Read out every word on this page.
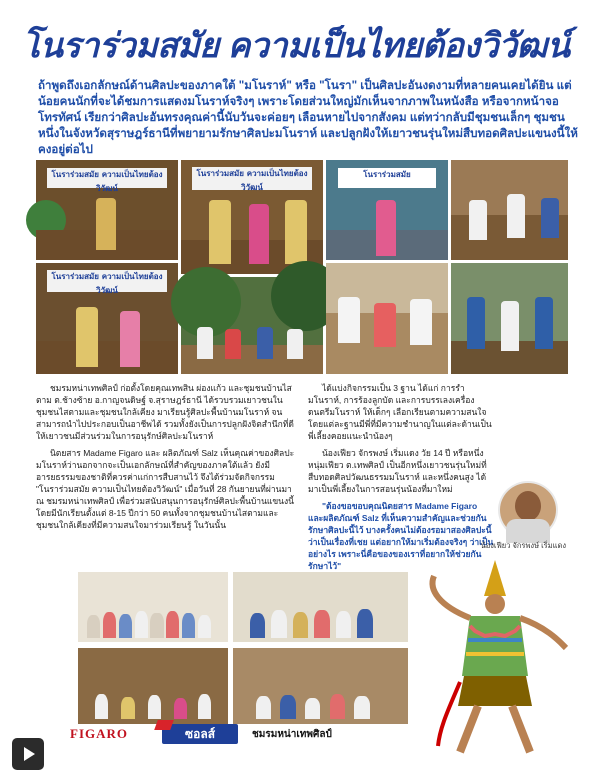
โนราร่วมสมัย ความเป็นไทยต้องวิวัฒน์

ถ้าพูดถึงเอกลักษณ์ด้านศิลปะของภาคใต้ "มโนราห์" หรือ "โนรา" เป็นศิลปะอันงดงามที่หลายคนเคยได้ยิน แต่น้อยคนนักที่จะได้ชมการแสดงมโนราห์จริงๆ เพราะโดยส่วนใหญ่มักเห็นจากภาพในหนังสือ หรือจากหน้าจอโทรทัศน์ เรียกว่าศิลปะอันทรงคุณค่านี้นับวันจะค่อยๆ เลือนหายไปจากสังคม แต่ทว่ากลับมีชุมชนเล็กๆ ชุมชนหนึ่งในจังหวัดสุราษฎร์ธานีที่พยายามรักษาศิลปะมโนราห์ และปลูกฝังให้เยาวชนรุ่นใหม่สืบทอดศิลปะแขนงนี้ให้คงอยู่ต่อไป

โนราร่วมสมัย ความเป็นไทยต้องวิวัฒน์
โนราร่วมสมัย ความเป็นไทยต้องวิวัฒน์
โนราร่วมสมัย
โนราร่วมสมัย ความเป็นไทยต้องวิวัฒน์

ชมรมหน่าเทพศิลป์ ก่อตั้งโดยคุณเทพสิน ผ่องแก้ว และชุมชนบ้านไสตาม ต.ช้างซ้าย อ.กาญจนดิษฐ์ จ.สุราษฎร์ธานี ได้รวบรวมเยาวชนในชุมชนไสตามและชุมชนใกล้เคียง มาเรียนรู้ศิลปะพื้นบ้านมโนราห์ จนสามารถนำไปประกอบเป็นอาชีพได้ รวมทั้งยังเป็นการปลูกฝังจิตสำนึกที่ดีให้เยาวชนมีส่วนร่วมในการอนุรักษ์ศิลปะมโนราห์

นิตยสาร Madame Figaro และ ผลิตภัณฑ์ Salz เห็นคุณค่าของศิลปะมโนราห์ว่านอกจากจะเป็นเอกลักษณ์ที่สำคัญของภาคใต้แล้ว ยังมีอารยธรรมของชาติที่ควรค่าแก่การสืบสานไว้ จึงได้ร่วมจัดกิจกรรม "โนราร่วมสมัย ความเป็นไทยต้องวิวัฒน์" เมื่อวันที่ 28 กันยายนที่ผ่านมา ณ ชมรมหน่าเทพศิลป์ เพื่อร่วมสนับสนุนการอนุรักษ์ศิลปะพื้นบ้านแขนงนี้ โดยมีนักเรียนตั้งแต่ 8-15 ปีกว่า 50 คนทั้งจากชุมชนบ้านไสตามและชุมชนใกล้เคียงที่มีความสนใจมาร่วมเรียนรู้ ในวันนั้น

ได้แบ่งกิจกรรมเป็น 3 ฐาน ได้แก่ การรำมโนราห์, การร้องลูกบัด และการบรรเลงเครื่องดนตรีมโนราห์ ให้เด็กๆ เลือกเรียนตามความสนใจ โดยแต่ละฐานมีพี่ที่มีความชำนาญในแต่ละด้านเป็นพี่เลี้ยงคอยแนะนำน้องๆ

น้องเฟียว จักรพงษ์ เริ่มแดง วัย 14 ปี หรือหนึ่งหนุ่มเฟียว ต.เทพศิลป์ เป็นอีกหนึ่งเยาวชนรุ่นใหม่ที่สืบทอดศิลปวัฒนธรรมมโนราห์ และหนึ่งคนสูง ได้มาเป็นพี่เลี้ยงในการสอนรุ่นน้องที่มาใหม่

"ต้องขอขอบคุณนิตยสาร Madame Figaro และผลิตภัณฑ์ Salz ที่เห็นความสำคัญและช่วยกันรักษาศิลปะนี้ไว้ บางครั้งคนไม่ต้องรอมาสองศิลปะนี้ว่าเป็นเรื่องที่เชย แต่อยากให้มาเริ่มต้องจริงๆ ว่าเป็นอย่างไร เพราะนี่คือของของเราที่อยากให้ช่วยกันรักษาไว้"

น้องเฟียว จักรพงษ์ เริ่มแดง
FIGARO	ซอลส์	ชมรมหน่าเทพศิลป์
